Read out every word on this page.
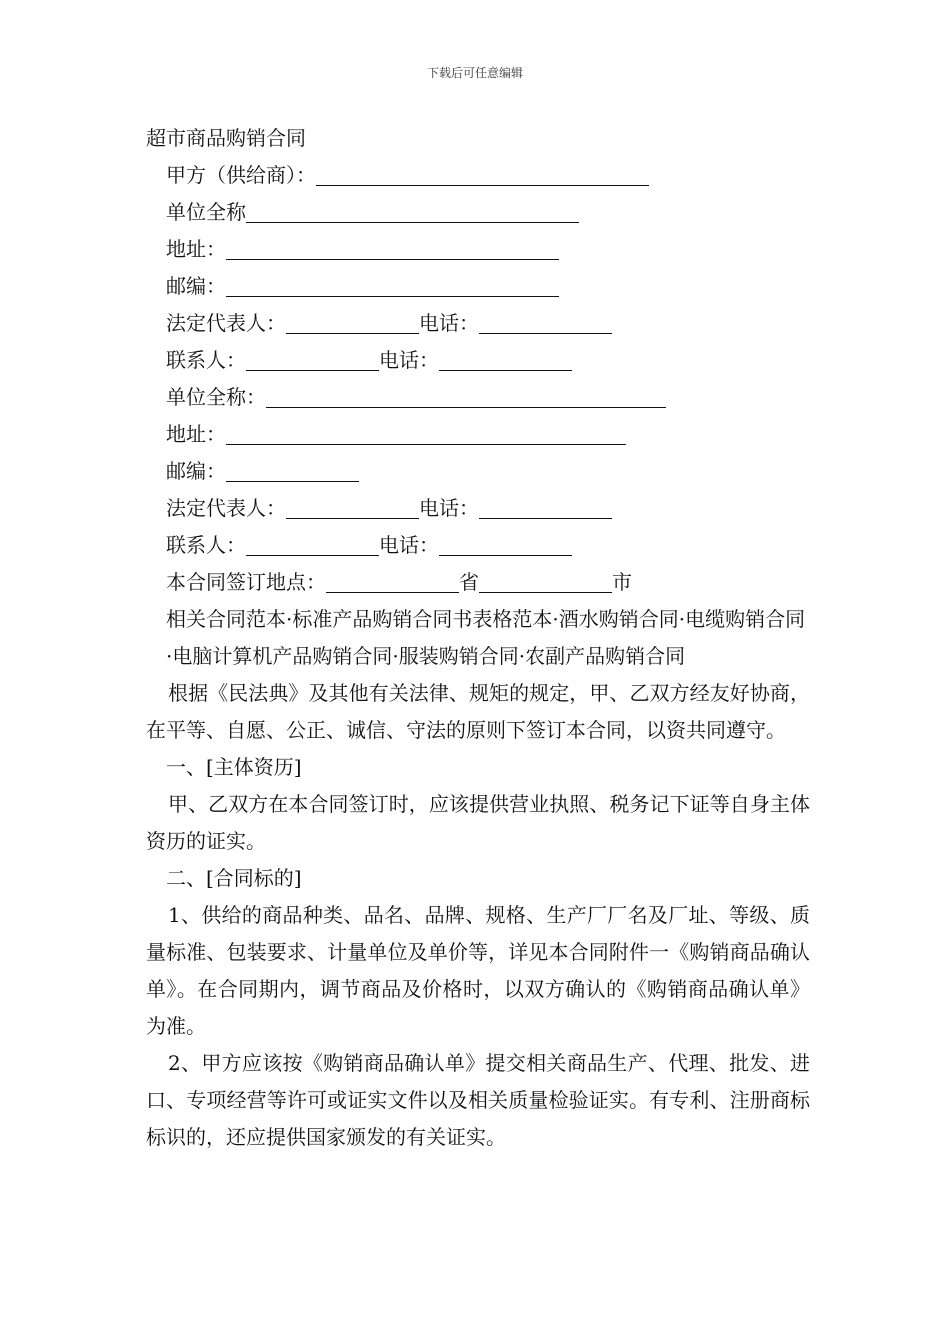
下载后可任意编辑
超市商品购销合同
甲方（供给商）：
单位全称
地址：
邮编：
法定代表人：	电话：
联系人：	电话：
单位全称：
地址：
邮编：
法定代表人：	电话：
联系人：	电话：
本合同签订地点：	省	市

相关合同范本·标准产品购销合同书表格范本·酒水购销合同·电缆购销合同·电脑计算机产品购销合同·服装购销合同·农副产品购销合同

根据《民法典》及其他有关法律、规矩的规定，甲、乙双方经友好协商，在平等、自愿、公正、诚信、守法的原则下签订本合同，以资共同遵守。

一、[主体资历]

甲、乙双方在本合同签订时，应该提供营业执照、税务记下证等自身主体资历的证实。

二、[合同标的]

1、供给的商品种类、品名、品牌、规格、生产厂厂名及厂址、等级、质量标准、包装要求、计量单位及单价等，详见本合同附件一《购销商品确认单》。在合同期内，调节商品及价格时，以双方确认的《购销商品确认单》为准。

2、甲方应该按《购销商品确认单》提交相关商品生产、代理、批发、进口、专项经营等许可或证实文件以及相关质量检验证实。有专利、注册商标标识的，还应提供国家颁发的有关证实。
